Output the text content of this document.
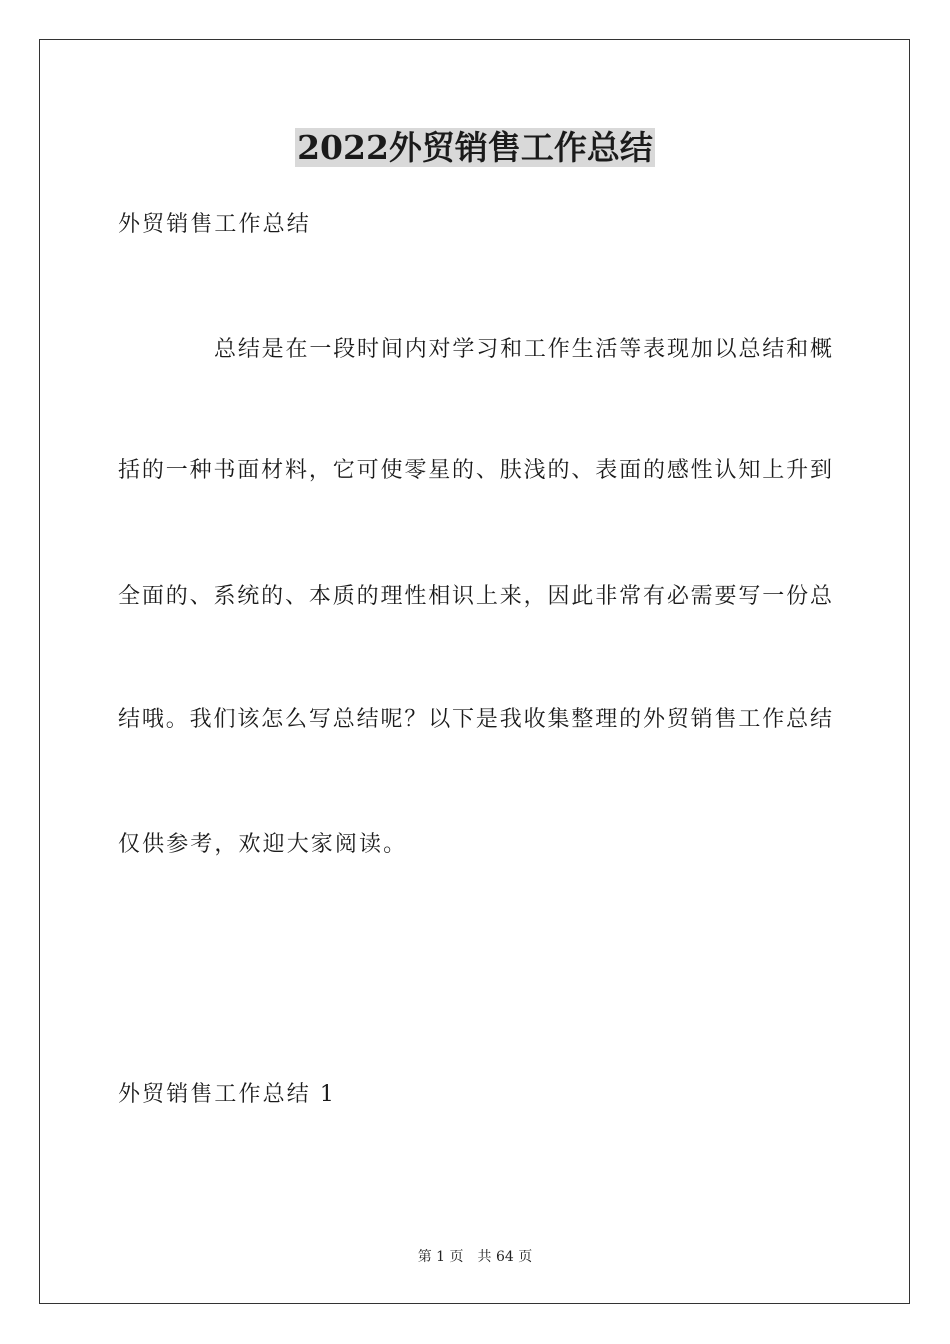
2022外贸销售工作总结
外贸销售工作总结
总结是在一段时间内对学习和工作生活等表现加以总结和概
括的一种书面材料，它可使零星的、肤浅的、表面的感性认知上升到
全面的、系统的、本质的理性相识上来，因此非常有必需要写一份总
结哦。我们该怎么写总结呢？以下是我收集整理的外贸销售工作总结
仅供参考，欢迎大家阅读。
外贸销售工作总结 1
第 1 页 共 64 页
